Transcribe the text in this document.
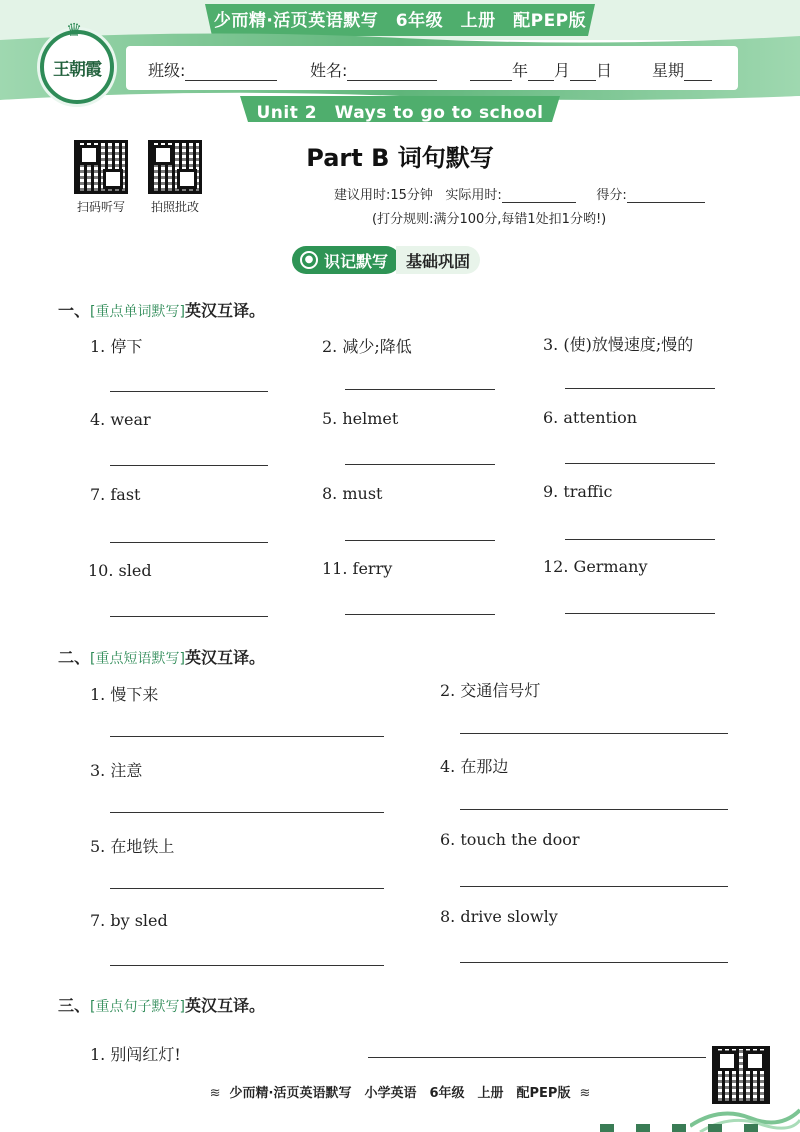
少而精·活页英语默写　6年级　上册　配PEP版
♛
王朝霞	班级:	姓名:	年 月 日 星期
Unit 2　Ways to go to school
扫码听写	拍照批改
Part B 词句默写
建议用时:15分钟 实际用时:	得分:
(打分规则:满分100分,每错1处扣1分哟!)
● 识记默写	基础巩固
一、[重点单词默写]英汉互译。
1. 停下	2. 减少;降低	3. (使)放慢速度;慢的
4. wear	5. helmet	6. attention
7. fast	8. must	9. traffic
10. sled	11. ferry	12. Germany
二、[重点短语默写]英汉互译。
1. 慢下来	2. 交通信号灯
3. 注意	4. 在那边
5. 在地铁上	6. touch the door
7. by sled	8. drive slowly
三、[重点句子默写]英汉互译。
1. 别闯红灯!
≋ 少而精·活页英语默写　小学英语　6年级　上册　配PEP版 ≋
